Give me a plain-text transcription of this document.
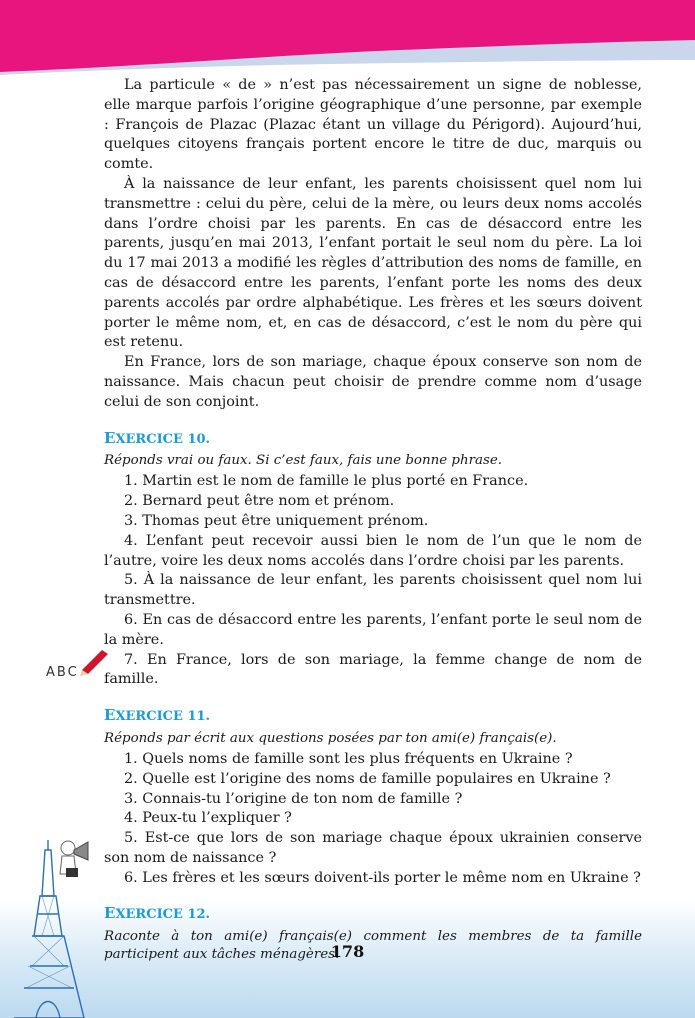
ABC

La particule « de » n’est pas nécessairement un signe de noblesse, elle marque parfois l’origine géographique d’une personne, par exemple : François de Plazac (Plazac étant un village du Périgord). Aujourd’hui, quelques citoyens français portent encore le titre de duc, marquis ou comte.

À la naissance de leur enfant, les parents choisissent quel nom lui transmettre : celui du père, celui de la mère, ou leurs deux noms accolés dans l’ordre choisi par les parents. En cas de désaccord entre les parents, jusqu’en mai 2013, l’enfant portait le seul nom du père. La loi du 17 mai 2013 a modifié les règles d’attribution des noms de famille, en cas de désaccord entre les parents, l’enfant porte les noms des deux parents accolés par ordre alphabétique. Les frères et les sœurs doivent porter le même nom, et, en cas de désaccord, c’est le nom du père qui est retenu.

En France, lors de son mariage, chaque époux conserve son nom de naissance. Mais chacun peut choisir de prendre comme nom d’usage celui de son conjoint.

EXERCICE 10.
Réponds vrai ou faux. Si c’est faux, fais une bonne phrase.
1. Martin est le nom de famille le plus porté en France.
2. Bernard peut être nom et prénom.
3. Thomas peut être uniquement prénom.
4. L’enfant peut recevoir aussi bien le nom de l’un que le nom de l’autre, voire les deux noms accolés dans l’ordre choisi par les parents.
5. À la naissance de leur enfant, les parents choisissent quel nom lui transmettre.
6. En cas de désaccord entre les parents, l’enfant porte le seul nom de la mère.
7. En France, lors de son mariage, la femme change de nom de famille.
EXERCICE 11.
Réponds par écrit aux questions posées par ton ami(e) français(e).
1. Quels noms de famille sont les plus fréquents en Ukraine ?
2. Quelle est l’origine des noms de famille populaires en Ukraine ?
3. Connais-tu l’origine de ton nom de famille ?
4. Peux-tu l’expliquer ?
5. Est-ce que lors de son mariage chaque époux ukrainien conserve son nom de naissance ?
6. Les frères et les sœurs doivent-ils porter le même nom en Ukraine ?
EXERCICE 12.
Raconte à ton ami(e) français(e) comment les membres de ta famille participent aux tâches ménagères.
178
